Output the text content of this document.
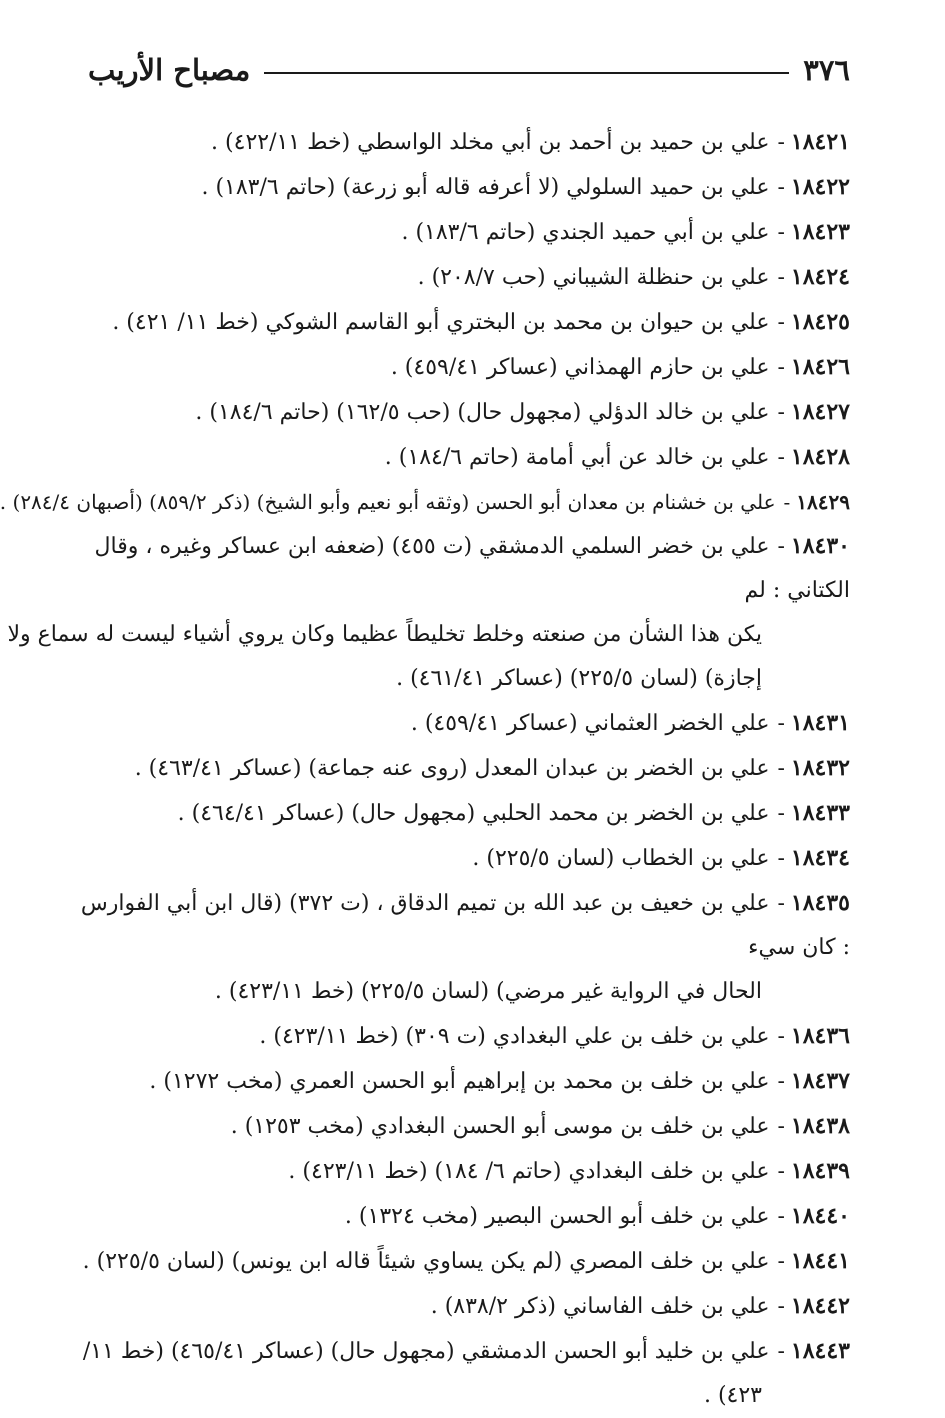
٣٧٦
مصباح الأريب
١٨٤٢١-علي بن حميد بن أحمد بن أبي مخلد الواسطي (خط ٤٢٢/١١) .
١٨٤٢٢-علي بن حميد السلولي (لا أعرفه قاله أبو زرعة) (حاتم ١٨٣/٦) .
١٨٤٢٣-علي بن أبي حميد الجندي (حاتم ١٨٣/٦) .
١٨٤٢٤-علي بن حنظلة الشيباني (حب ٢٠٨/٧) .
١٨٤٢٥-علي بن حيوان بن محمد بن البختري أبو القاسم الشوكي (خط ١١/ ٤٢١) .
١٨٤٢٦-علي بن حازم الهمذاني (عساكر ٤٥٩/٤١) .
١٨٤٢٧-علي بن خالد الدؤلي (مجهول حال) (حب ١٦٢/٥) (حاتم ١٨٤/٦) .
١٨٤٢٨-علي بن خالد عن أبي أمامة (حاتم ١٨٤/٦) .
١٨٤٢٩-علي بن خشنام بن معدان أبو الحسن (وثقه أبو نعيم وأبو الشيخ) (ذكر ٨٥٩/٢) (أصبهان ٢٨٤/٤) .
١٨٤٣٠-علي بن خضر السلمي الدمشقي (ت ٤٥٥) (ضعفه ابن عساكر وغيره ، وقال الكتاني : لم
يكن هذا الشأن من صنعته وخلط تخليطاً عظيما وكان يروي أشياء ليست له سماع ولا
إجازة) (لسان ٢٢٥/٥) (عساكر ٤٦١/٤١) .
١٨٤٣١-علي الخضر العثماني (عساكر ٤٥٩/٤١) .
١٨٤٣٢-علي بن الخضر بن عبدان المعدل (روى عنه جماعة) (عساكر ٤٦٣/٤١) .
١٨٤٣٣-علي بن الخضر بن محمد الحلبي (مجهول حال) (عساكر ٤٦٤/٤١) .
١٨٤٣٤-علي بن الخطاب (لسان ٢٢٥/٥) .
١٨٤٣٥-علي بن خعيف بن عبد الله بن تميم الدقاق ، (ت ٣٧٢) (قال ابن أبي الفوارس : كان سيء
الحال في الرواية غير مرضي) (لسان ٢٢٥/٥) (خط ٤٢٣/١١) .
١٨٤٣٦-علي بن خلف بن علي البغدادي (ت ٣٠٩) (خط ٤٢٣/١١) .
١٨٤٣٧-علي بن خلف بن محمد بن إبراهيم أبو الحسن العمري (مخب ١٢٧٢) .
١٨٤٣٨-علي بن خلف بن موسى أبو الحسن البغدادي (مخب ١٢٥٣) .
١٨٤٣٩-علي بن خلف البغدادي (حاتم ٦/ ١٨٤) (خط ٤٢٣/١١) .
١٨٤٤٠-علي بن خلف أبو الحسن البصير (مخب ١٣٢٤) .
١٨٤٤١-علي بن خلف المصري (لم يكن يساوي شيئاً قاله ابن يونس) (لسان ٢٢٥/٥) .
١٨٤٤٢-علي بن خلف الفاساني (ذكر ٨٣٨/٢) .
١٨٤٤٣-علي بن خليد أبو الحسن الدمشقي (مجهول حال) (عساكر ٤٦٥/٤١) (خط ١١/
٤٢٣) .
